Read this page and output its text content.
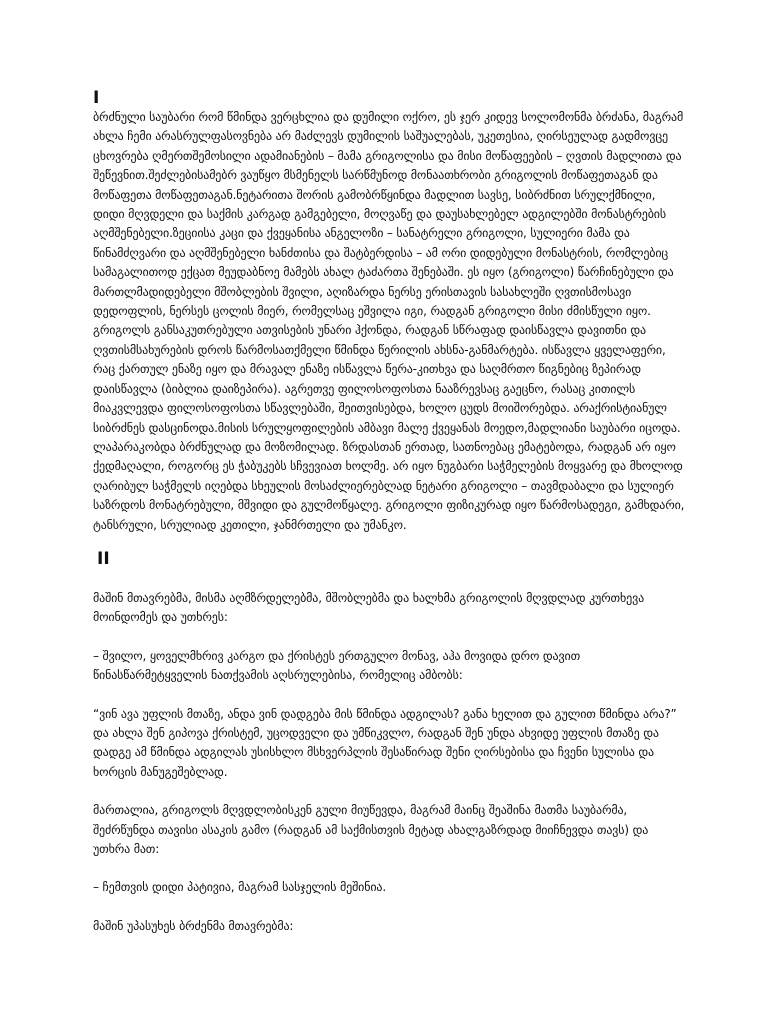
I

ბრძნული საუბარი რომ წმინდა ვერცხლია და დუმილი ოქრო, ეს ჯერ კიდევ სოლომონმა ბრძანა, მაგრამ ახლა ჩემი არასრულფასოვნება არ მაძლევს დუმილის საშუალებას, უკეთესია, ღირსეულად გადმოვცე ცხოვრება ღმერთშემოსილი ადამიანების – მამა გრიგოლისა და მისი მოწაფეების – ღვთის მადლითა და შეწევნით.შეძლებისამებრ ვაუწყო მსმენელს სარწმუნოდ მონაათხრობი გრიგოლის მოწაფეთაგან და მოწაფეთა მოწაფეთაგან.ნეტარითა შორის გამობრწყინდა მადლით სავსე, სიბრძნით სრულქმნილი, დიდი მღვდელი და საქმის კარგად გამგებელი, მოღვაწე და დაუსახლებელ ადგილებში მონასტრების აღმშენებელი.ზეციისა კაცი და ქვეყანისა ანგელოზი – სანატრელი გრიგოლი, სულიერი მამა და წინამძღვარი და აღმშენებელი ხანძთისა და შატბერდისა – ამ ორი დიდებული მონასტრის, რომლებიც სამაგალითოდ ექცათ მეუდაბნოე მამებს ახალ ტაძართა შენებაში. ეს იყო (გრიგოლი) წარჩინებული და მართლმადიდებელი მშობლების შვილი, აღიზარდა ნერსე ერისთავის სასახლეში ღვთისმოსავი დედოფლის, ნერსეს ცოლის მიერ, რომელსაც ეშვილა იგი, რადგან გრიგოლი მისი ძმისწული იყო. გრიგოლს განსაკუთრებული ათვისების უნარი ჰქონდა, რადგან სწრაფად დაისწავლა დავითნი და ღვთისმსახურების დროს წარმოსათქმელი წმინდა წერილის ახსნა-განმარტება. ისწავლა ყველაფერი, რაც ქართულ ენაზე იყო და მრავალ ენაზე ისწავლა წერა-კითხვა და საღმრთო წიგნებიც ზეპირად დაისწავლა (ბიბლია დაიზეპირა). აგრეთვე ფილოსოფოსთა ნააზრევსაც გაეცნო, რასაც კითილს მიაკვლევდა ფილოსოფოსთა სწავლებაში, შეითვისებდა, ხოლო ცუდს მოიშორებდა. არაქრისტიანულ სიბრძნეს დასცინოდა.მისის სრულყოფილების ამბავი მალე ქვეყანას მოედო,მადლიანი საუბარი იცოდა. ლაპარაკობდა ბრძნულად და მოზომილად. ზრდასთან ერთად, სათნოებაც ემატებოდა, რადგან არ იყო ქედმაღალი, როგორც ეს ჭაბუკებს სჩვევიათ ხოლმე. არ იყო ნუგბარი საჭმელების მოყვარე და მხოლოდ ღარიბულ საჭმელს იღებდა სხეულის მოსაძლიერებლად ნეტარი გრიგოლი – თავმდაბალი და სულიერ საზრდოს მონატრებული, მშვიდი და გულმოწყალე. გრიგოლი ფიზიკურად იყო წარმოსადეგი, გამხდარი, ტანსრული, სრულიად კეთილი, ჯანმრთელი და უმანკო.

II

მაშინ მთავრებმა, მისმა აღმზრდელებმა, მშობლებმა და ხალხმა გრიგოლის მღვდლად კურთხევა მოინდომეს და უთხრეს:

– შვილო, ყოველმხრივ კარგო და ქრისტეს ერთგულო მონავ, აჰა მოვიდა დრო დავით წინასწარმეტყველის ნათქვამის აღსრულებისა, რომელიც ამბობს:

“ვინ ავა უფლის მთაზე, ანდა ვინ დადგება მის წმინდა ადგილას? განა ხელით და გულით წმინდა არა?” და ახლა შენ გიპოვა ქრისტემ, უცოდველი და უმწიკვლო, რადგან შენ უნდა ახვიდე უფლის მთაზე და დადგე ამ წმინდა ადგილას უსისხლო მსხვერპლის შესაწირად შენი ღირსებისა და ჩვენი სულისა და ხორცის მანუგეშებლად.

მართალია, გრიგოლს მღვდლობისკენ გული მიუწევდა, მაგრამ მაინც შეაშინა მათმა საუბარმა, შეძრწუნდა თავისი ასაკის გამო (რადგან ამ საქმისთვის მეტად ახალგაზრდად მიიჩნევდა თავს) და უთხრა მათ:

– ჩემთვის დიდი პატივია, მაგრამ სასჯელის მეშინია.

მაშინ უპასუხეს ბრძენმა მთავრებმა:
